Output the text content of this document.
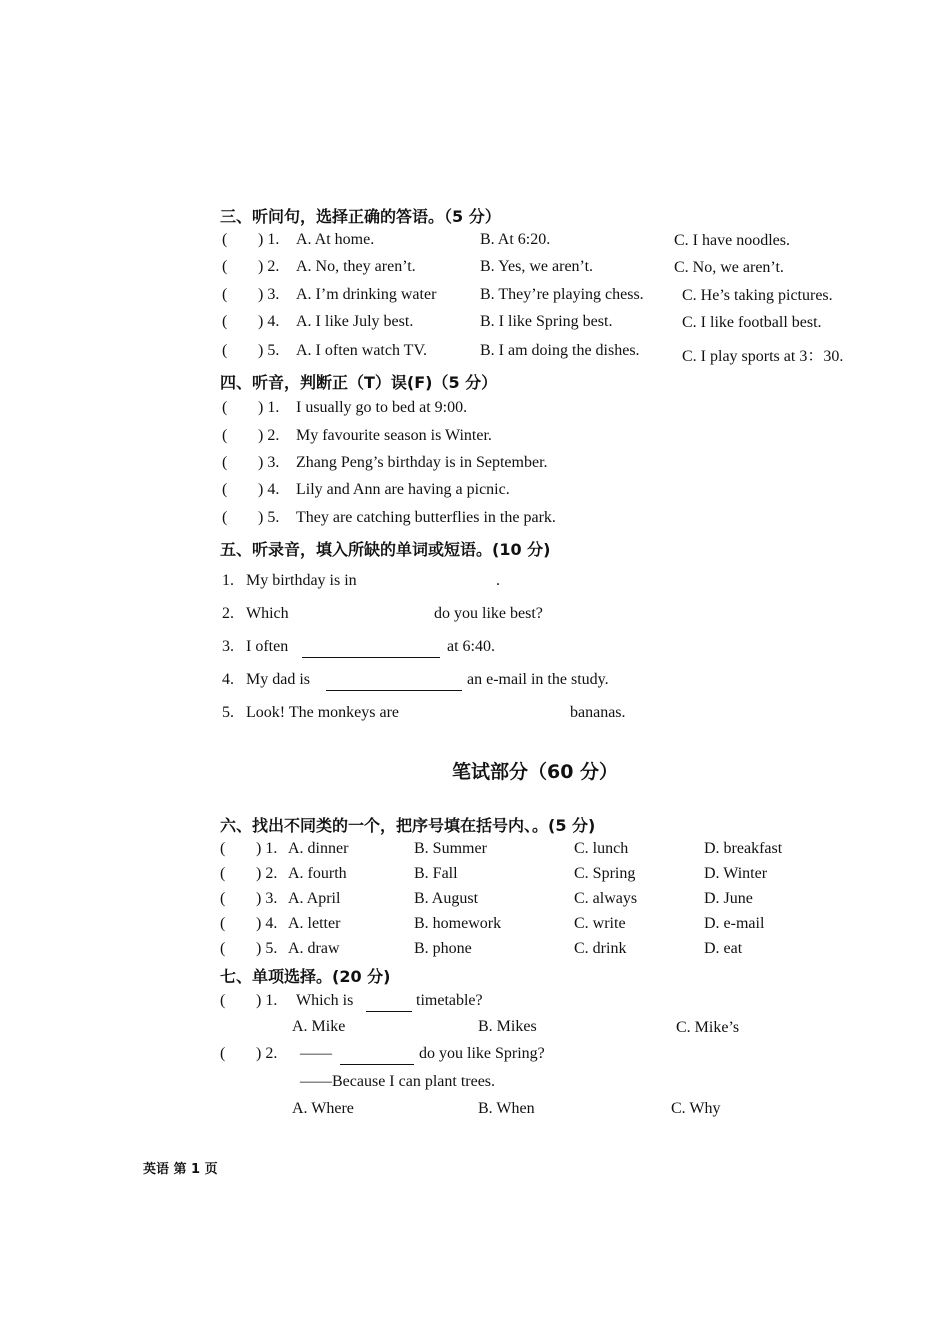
三、听问句，选择正确的答语。（5 分）
( ) 1. A. At home.	B. At 6:20.	C. I have noodles.
( ) 2. A. No, they aren’t.	B. Yes, we aren’t.	C. No, we aren’t.
( ) 3. A. I’m drinking water	B. They’re playing chess. C. He’s taking pictures.
( ) 4. A. I like July best.	B. I like Spring best.	C. I like football best.
( ) 5. A. I often watch TV.	B. I am doing the dishes.	C. I play sports at 3：30.
四、听音，判断正（T）误(F)（5 分）
( ) 1. I usually go to bed at 9:00.
( ) 2. My favourite season is Winter.
( ) 3. Zhang Peng’s birthday is in September.
( ) 4. Lily and Ann are having a picnic.
( ) 5. They are catching butterflies in the park.
五、听录音，填入所缺的单词或短语。(10 分)
1. My birthday is in	.
2. Which	do you like best?
3. I often	at 6:40.
4. My dad is	an e-mail in the study.
5. Look! The monkeys are	bananas.
笔试部分（60 分）
六、找出不同类的一个，把序号填在括号内、。(5 分)
( ) 1. A. dinner	B. Summer	C. lunch	D. breakfast
( ) 2. A. fourth	B. Fall	C. Spring	D. Winter
( ) 3. A. April	B. August	C. always	D. June
( ) 4. A. letter	B. homework	C. write	D. e-mail
( ) 5. A. draw	B. phone	C. drink	D. eat
七、单项选择。(20 分)
( ) 1. Which is	timetable?
A. Mike	B. Mikes	C. Mike’s
( ) 2. ——	do you like Spring?
——Because I can plant trees.
A. Where	B. When	C. Why
英语 第 1 页
